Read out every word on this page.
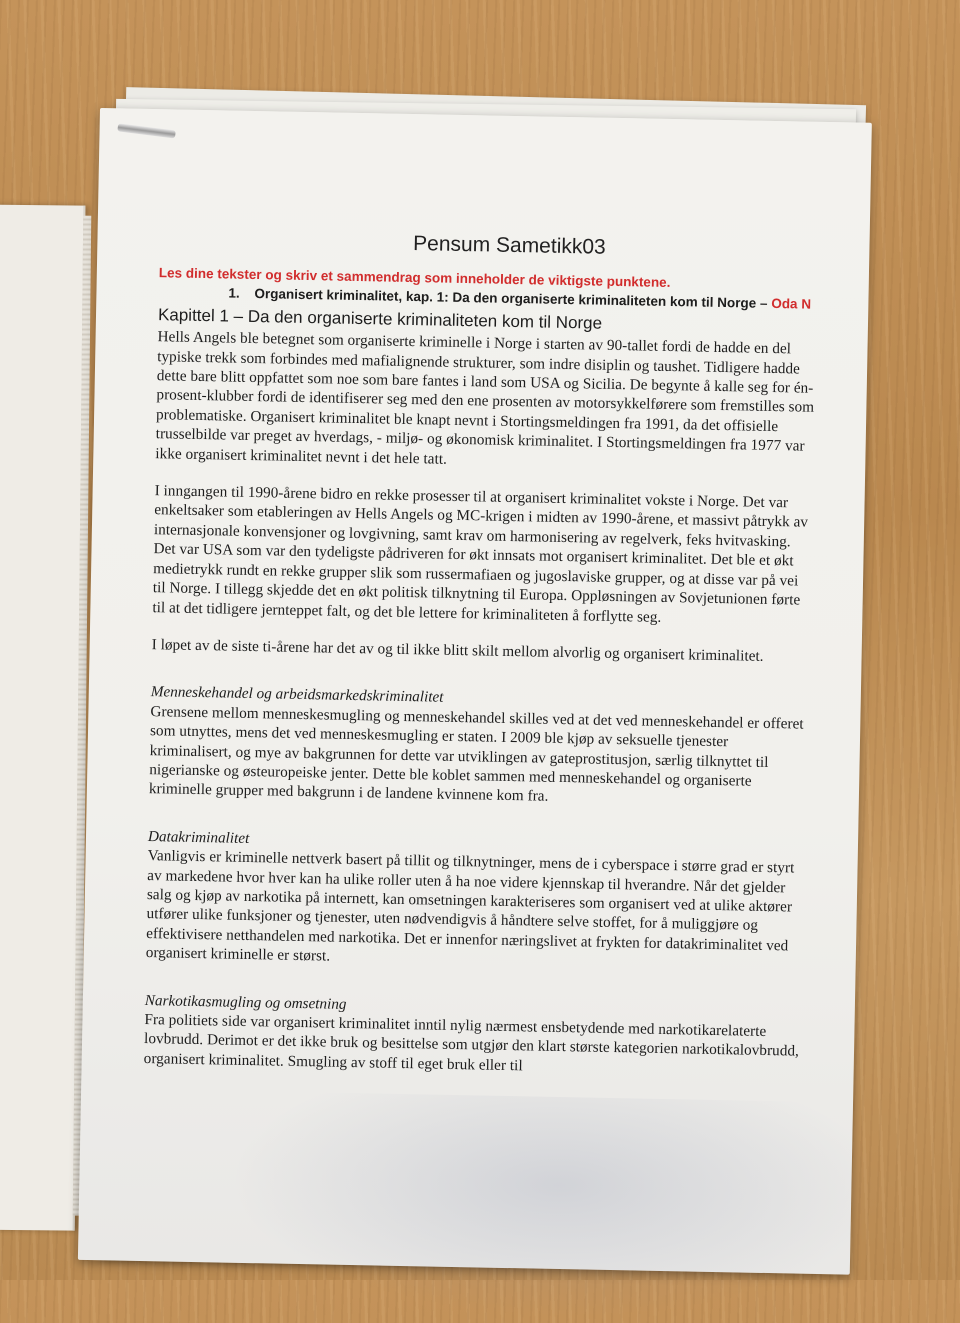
Pensum Sametikk03

Les dine tekster og skriv et sammendrag som inneholder de viktigste punktene.

1. Organisert kriminalitet, kap. 1: Da den organiserte kriminaliteten kom til Norge – Oda N
Kapittel 1 – Da den organiserte kriminaliteten kom til Norge

Hells Angels ble betegnet som organiserte kriminelle i Norge i starten av 90-tallet fordi de hadde en del typiske trekk som forbindes med mafialignende strukturer, som indre disiplin og taushet. Tidligere hadde dette bare blitt oppfattet som noe som bare fantes i land som USA og Sicilia. De begynte å kalle seg for én-prosent-klubber fordi de identifiserer seg med den ene prosenten av motorsykkelførere som fremstilles som problematiske. Organisert kriminalitet ble knapt nevnt i Stortingsmeldingen fra 1991, da det offisielle trusselbilde var preget av hverdags, - miljø- og økonomisk kriminalitet. I Stortingsmeldingen fra 1977 var ikke organisert kriminalitet nevnt i det hele tatt.

I inngangen til 1990-årene bidro en rekke prosesser til at organisert kriminalitet vokste i Norge. Det var enkeltsaker som etableringen av Hells Angels og MC-krigen i midten av 1990-årene, et massivt påtrykk av internasjonale konvensjoner og lovgivning, samt krav om harmonisering av regelverk, feks hvitvasking. Det var USA som var den tydeligste pådriveren for økt innsats mot organisert kriminalitet. Det ble et økt medietrykk rundt en rekke grupper slik som russermafiaen og jugoslaviske grupper, og at disse var på vei til Norge. I tillegg skjedde det en økt politisk tilknytning til Europa. Oppløsningen av Sovjetunionen førte til at det tidligere jernteppet falt, og det ble lettere for kriminaliteten å forflytte seg.

I løpet av de siste ti-årene har det av og til ikke blitt skilt mellom alvorlig og organisert kriminalitet.

Menneskehandel og arbeidsmarkedskriminalitet

Grensene mellom menneskesmugling og menneskehandel skilles ved at det ved menneskehandel er offeret som utnyttes, mens det ved menneskesmugling er staten. I 2009 ble kjøp av seksuelle tjenester kriminalisert, og mye av bakgrunnen for dette var utviklingen av gateprostitusjon, særlig tilknyttet til nigerianske og østeuropeiske jenter. Dette ble koblet sammen med menneskehandel og organiserte kriminelle grupper med bakgrunn i de landene kvinnene kom fra.

Datakriminalitet

Vanligvis er kriminelle nettverk basert på tillit og tilknytninger, mens de i cyberspace i større grad er styrt av markedene hvor hver kan ha ulike roller uten å ha noe videre kjennskap til hverandre. Når det gjelder salg og kjøp av narkotika på internett, kan omsetningen karakteriseres som organisert ved at ulike aktører utfører ulike funksjoner og tjenester, uten nødvendigvis å håndtere selve stoffet, for å muliggjøre og effektivisere netthandelen med narkotika. Det er innenfor næringslivet at frykten for datakriminalitet ved organisert kriminelle er størst.

Narkotikasmugling og omsetning

Fra politiets side var organisert kriminalitet inntil nylig nærmest ensbetydende med narkotikarelaterte lovbrudd. Derimot er det ikke bruk og besittelse som utgjør den klart største kategorien narkotikalovbrudd, organisert kriminalitet. Smugling av stoff til eget bruk eller til
